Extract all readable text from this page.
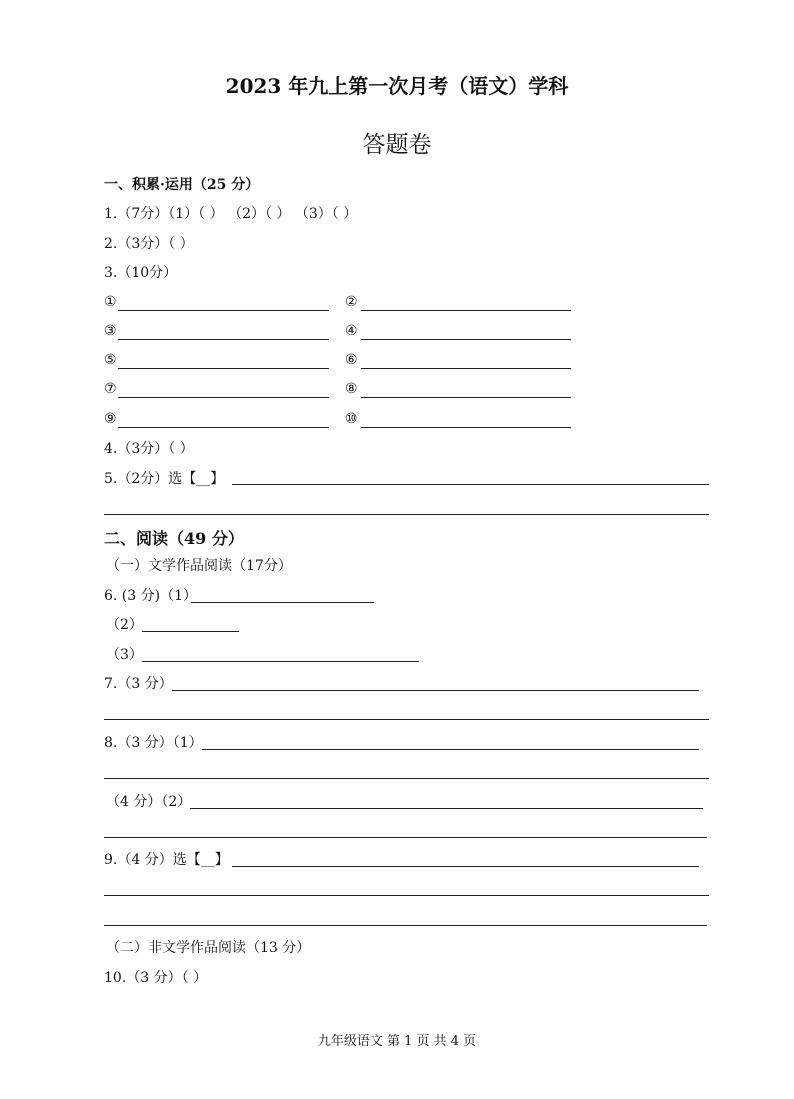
2023 年九上第一次月考（语文）学科
答题卷
一、积累·运用（25 分）
1.（7分）（1）（ ） （2）（ ） （3）（ ）
2.（3分）（ ）
3.（10分）
①	②
③	④
⑤	⑥
⑦	⑧
⑨	⑩
4.（3分）（ ）
5.（2分）选【__】
二、阅读（49 分）
（一）文学作品阅读（17分）
6. (3 分)（1）
（2）
（3）
7.（3 分）
8.（3 分）（1）
（4 分）（2）
9.（4 分）选【__】
（二）非文学作品阅读（13 分）
10.（3 分）（ ）
九年级语文 第 1 页 共 4 页
